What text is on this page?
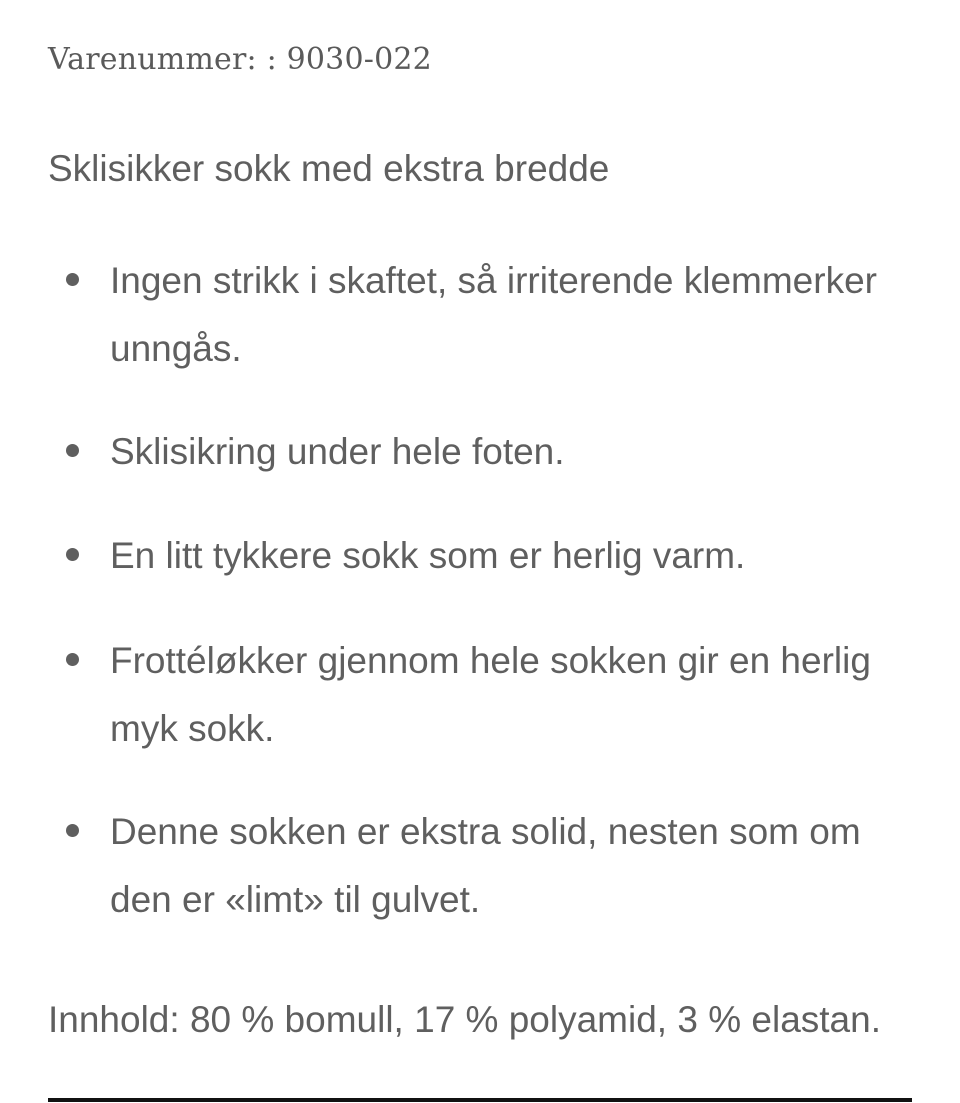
Varenummer: : 9030-022
Sklisikker sokk med ekstra bredde
Ingen strikk i skaftet, så irriterende klemmerker unngås.
Sklisikring under hele foten.
En litt tykkere sokk som er herlig varm.
Frottéløkker gjennom hele sokken gir en herlig myk sokk.
Denne sokken er ekstra solid, nesten som om den er «limt» til gulvet.
Innhold: 80 % bomull, 17 % polyamid, 3 % elastan.
